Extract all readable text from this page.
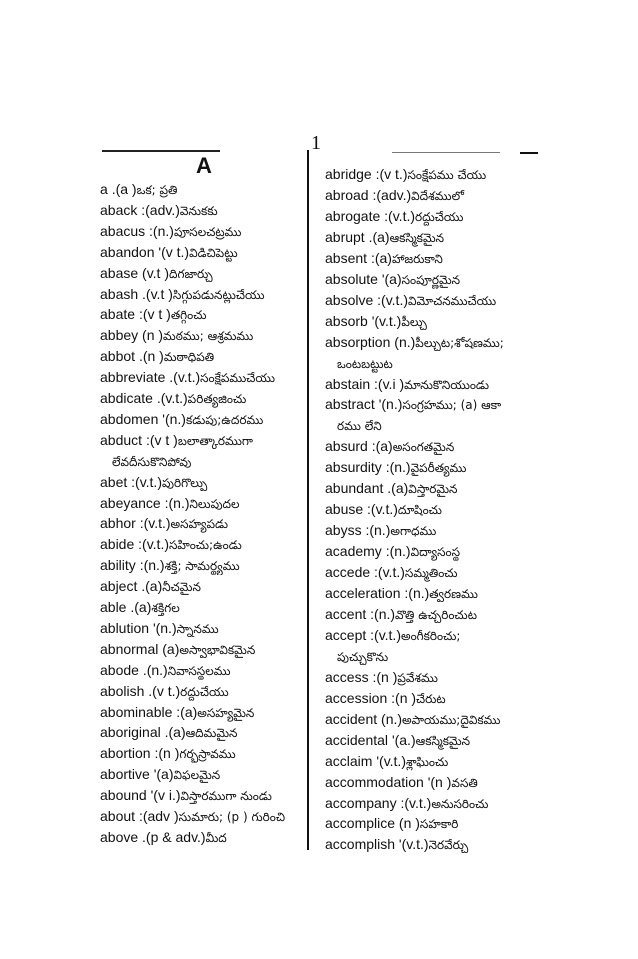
1
A
a .(a )ఒక; ప్రతి
aback :(adv.)వెనుకకు
abacus :(n.)పూసలచట్రము
abandon '(v t.)విడిచిపెట్టు
abase (v.t )దిగజార్చు
abash .(v.t )సిగ్గుపడునట్లుచేయు
abate :(v t )తగ్గించు
abbey (n )మఠము; ఆశ్రమము
abbot .(n )మఠాధిపతి
abbreviate .(v.t.)సంక్షేపముచేయు
abdicate .(v.t.)పరిత్యజించు
abdomen '(n.)కడుపు;ఉదరము
abduct :(v t )బలాత్కారముగా
లేవదీసుకొనిపోవు
abet :(v.t.)పురిగొల్పు
abeyance :(n.)నిలుపుదల
abhor :(v.t.)అసహ్యపడు
abide :(v.t.)సహించు;ఉండు
ability :(n.)శక్తి; సామర్థ్యము
abject .(a)నీచమైన
able .(a)శక్తిగల
ablution '(n.)స్నానము
abnormal (a)అస్వాభావికమైన
abode .(n.)నివాసస్థలము
abolish .(v t.)రద్దుచేయు
abominable :(a)అసహ్యమైన
aboriginal .(a)ఆదిమమైన
abortion :(n )గర్భస్రావము
abortive '(a)విఫలమైన
abound '(v i.)విస్తారముగా నుండు
about :(adv )సుమారు; (p ) గురించి
above .(p & adv.)మీద
abridge :(v t.)సంక్షేపము చేయు
abroad :(adv.)విదేశములో
abrogate :(v.t.)రద్దుచేయు
abrupt .(a)ఆకస్మికమైన
absent :(a)హాజరుకాని
absolute '(a)సంపూర్ణమైన
absolve :(v.t.)విమోచనముచేయు
absorb '(v.t.)పీల్చు
absorption (n.)పీల్చుట;శోషణము;
ఒంటబట్టుట
abstain :(v.i )మానుకొనియుండు
abstract '(n.)సంగ్రహము; (a) ఆకా
రము లేని
absurd :(a)అసంగతమైన
absurdity :(n.)వైపరీత్యము
abundant .(a)విస్తారమైన
abuse :(v.t.)దూషించు
abyss :(n.)అగాధము
academy :(n.)విద్యాసంస్థ
accede :(v.t.)సమ్మతించు
acceleration :(n.)త్వరణము
accent :(n.)వొత్తి ఉచ్చరించుట
accept :(v.t.)అంగీకరించు;
పుచ్చుకొను
access :(n )ప్రవేశము
accession :(n )చేరుట
accident (n.)అపాయము;దైవికము
accidental '(a.)ఆకస్మికమైన
acclaim '(v.t.)శ్లాఘించు
accommodation '(n )వసతి
accompany :(v.t.)అనుసరించు
accomplice (n )సహకారి
accomplish '(v.t.)నెరవేర్చు
